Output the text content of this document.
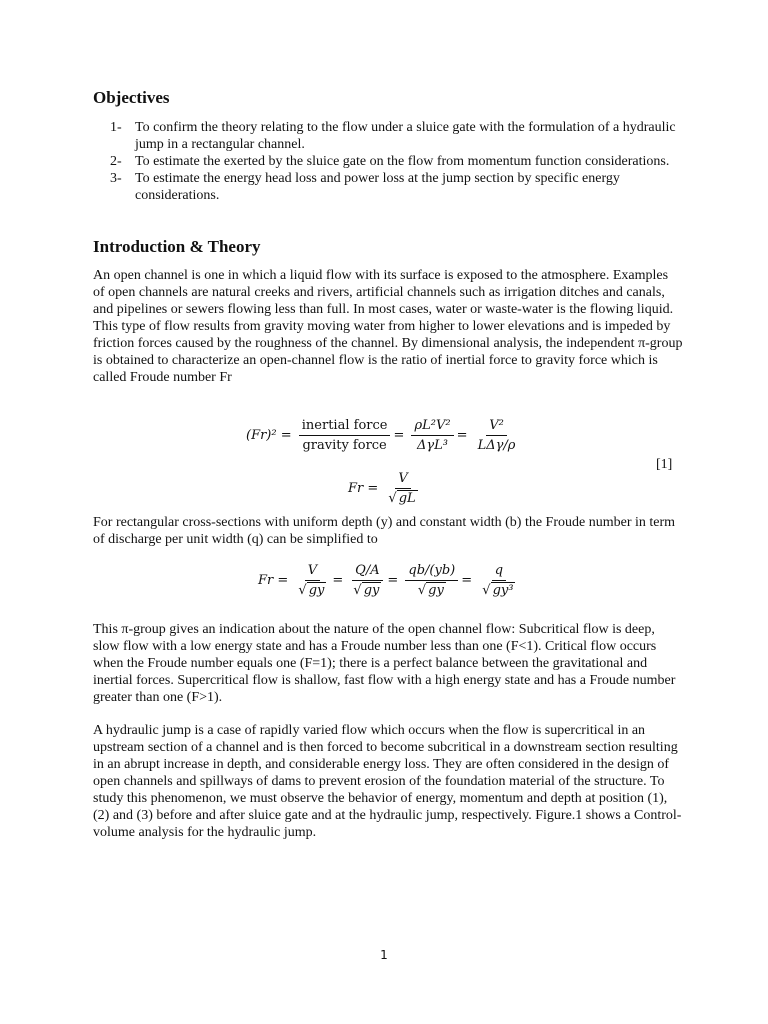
Objectives
1- To confirm the theory relating to the flow under a sluice gate with the formulation of a hydraulic jump in a rectangular channel.
2- To estimate the exerted by the sluice gate on the flow from momentum function considerations.
3- To estimate the energy head loss and power loss at the jump section by specific energy considerations.
Introduction & Theory

An open channel is one in which a liquid flow with its surface is exposed to the atmosphere. Examples of open channels are natural creeks and rivers, artificial channels such as irrigation ditches and canals, and pipelines or sewers flowing less than full. In most cases, water or waste-water is the flowing liquid. This type of flow results from gravity moving water from higher to lower elevations and is impeded by friction forces caused by the roughness of the channel. By dimensional analysis, the independent π-group is obtained to characterize an open-channel flow is the ratio of inertial force to gravity force which is called Froude number Fr

$(Fr)^2 = \frac{\text{inertial force}}{\text{gravity force}} = \frac{\text{ρL²V²}}{\text{ΔγL³}} = \frac{\text{V²}}{\text{LΔγ/ρ}}$
[1]
$Fr = \frac{V}{√ gL}$

For rectangular cross-sections with uniform depth (y) and constant width (b) the Froude number in term of discharge per unit width (q) can be simplified to

$Fr = \frac{V}{√ gy} = \frac{Q/A}{√ gy} = \frac{qb/(yb)}{√ gy} = \frac{q}{\text{√ gy³}}$

This π-group gives an indication about the nature of the open channel flow: Subcritical flow is deep, slow flow with a low energy state and has a Froude number less than one (F<1). Critical flow occurs when the Froude number equals one (F=1); there is a perfect balance between the gravitational and inertial forces. Supercritical flow is shallow, fast flow with a high energy state and has a Froude number greater than one (F>1).

A hydraulic jump is a case of rapidly varied flow which occurs when the flow is supercritical in an upstream section of a channel and is then forced to become subcritical in a downstream section resulting in an abrupt increase in depth, and considerable energy loss. They are often considered in the design of open channels and spillways of dams to prevent erosion of the foundation material of the structure. To study this phenomenon, we must observe the behavior of energy, momentum and depth at position (1), (2) and (3) before and after sluice gate and at the hydraulic jump, respectively. Figure.1 shows a Control-volume analysis for the hydraulic jump.

1
